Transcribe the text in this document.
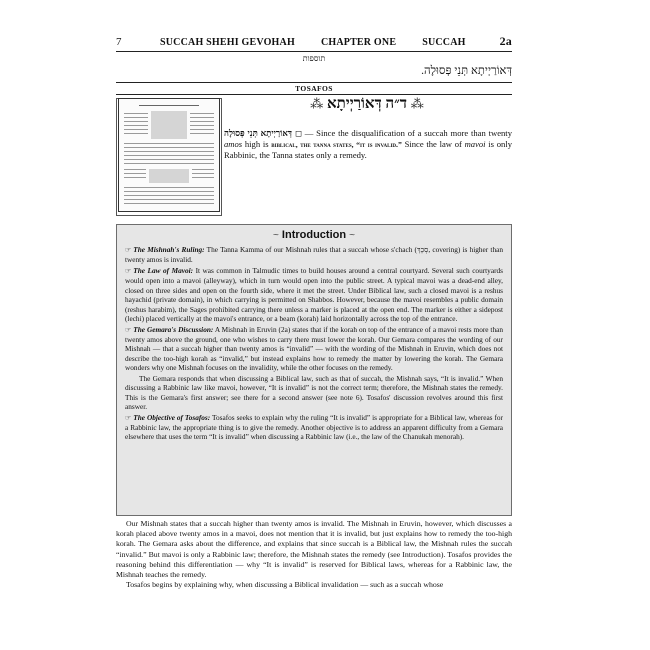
7	SUCCAH SHEHI GEVOHAH	CHAPTER ONE	SUCCAH	2a
תוספות
דְּאוֹרַיְיתָא תְּנֵי פְּסוּלָה.
TOSAFOS
⁂ ד״ה דְּאוֹרַיְיתָא ⁂
דְּאוֹרַיְיתָא תְּנֵי פְּסוּלָה ◻ — Since the disqualification of a succah more than twenty amos high is biblical, the tanna states, “it is invalid.” Since the law of mavoi is only Rabbinic, the Tanna states only a remedy.
~ Introduction ~

☞ The Mishnah's Ruling: The Tanna Kamma of our Mishnah rules that a succah whose s'chach (סְכָךְ, covering) is higher than twenty amos is invalid.

☞ The Law of Mavoi: It was common in Talmudic times to build houses around a central courtyard. Several such courtyards would open into a mavoi (alleyway), which in turn would open into the public street. A typical mavoi was a dead-end alley, closed on three sides and open on the fourth side, where it met the street. Under Biblical law, such a closed mavoi is a reshus hayachid (private domain), in which carrying is permitted on Shabbos. However, because the mavoi resembles a public domain (reshus harabim), the Sages prohibited carrying there unless a marker is placed at the open end. The marker is either a sidepost (lechi) placed vertically at the mavoi's entrance, or a beam (korah) laid horizontally across the top of the entrance.

☞ The Gemara's Discussion: A Mishnah in Eruvin (2a) states that if the korah on top of the entrance of a mavoi rests more than twenty amos above the ground, one who wishes to carry there must lower the korah. Our Gemara compares the wording of our Mishnah — that a succah higher than twenty amos is “invalid” — with the wording of the Mishnah in Eruvin, which does not describe the too-high korah as “invalid,” but instead explains how to remedy the matter by lowering the korah. The Gemara wonders why one Mishnah focuses on the invalidity, while the other focuses on the remedy.

The Gemara responds that when discussing a Biblical law, such as that of succah, the Mishnah says, “It is invalid.” When discussing a Rabbinic law like mavoi, however, “It is invalid” is not the correct term; therefore, the Mishnah states the remedy. This is the Gemara's first answer; see there for a second answer (see note 6). Tosafos' discussion revolves around this first answer.

☞ The Objective of Tosafos: Tosafos seeks to explain why the ruling “It is invalid” is appropriate for a Biblical law, whereas for a Rabbinic law, the appropriate thing is to give the remedy. Another objective is to address an apparent difficulty from a Gemara elsewhere that uses the term “It is invalid” when discussing a Rabbinic law (i.e., the law of the Chanukah menorah).

Our Mishnah states that a succah higher than twenty amos is invalid. The Mishnah in Eruvin, however, which discusses a korah placed above twenty amos in a mavoi, does not mention that it is invalid, but just explains how to remedy the too-high korah. The Gemara asks about the difference, and explains that since succah is a Biblical law, the Mishnah rules the succah “invalid.” But mavoi is only a Rabbinic law; therefore, the Mishnah states the remedy (see Introduction). Tosafos provides the reasoning behind this differentiation — why “It is invalid” is reserved for Biblical laws, whereas for a Rabbinic law, the Mishnah teaches the remedy.

Tosafos begins by explaining why, when discussing a Biblical invalidation — such as a succah whose
